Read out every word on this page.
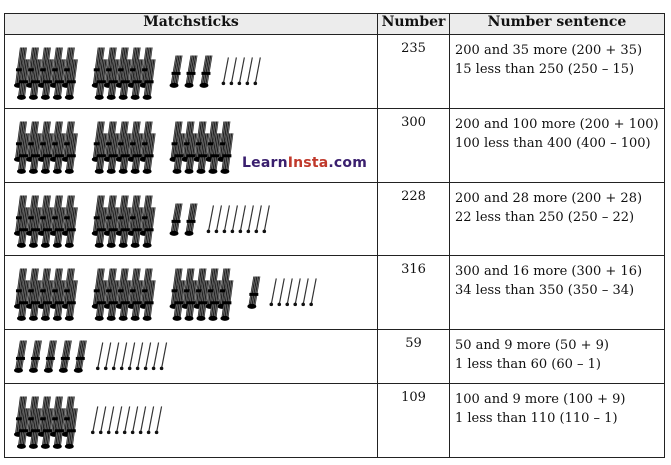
Matchsticks	Number	Number sentence

	235	200 and 35 more (200 + 35)
15 less than 250 (250 – 15)

	300	200 and 100 more (200 + 100)
100 less than 400 (400 – 100)

	228	200 and 28 more (200 + 28)
22 less than 250 (250 – 22)

	316	300 and 16 more (300 + 16)
34 less than 350 (350 – 34)

	59	50 and 9 more (50 + 9)
1 less than 60 (60 – 1)

	109	100 and 9 more (100 + 9)
1 less than 110 (110 – 1)
LearnInsta.com
